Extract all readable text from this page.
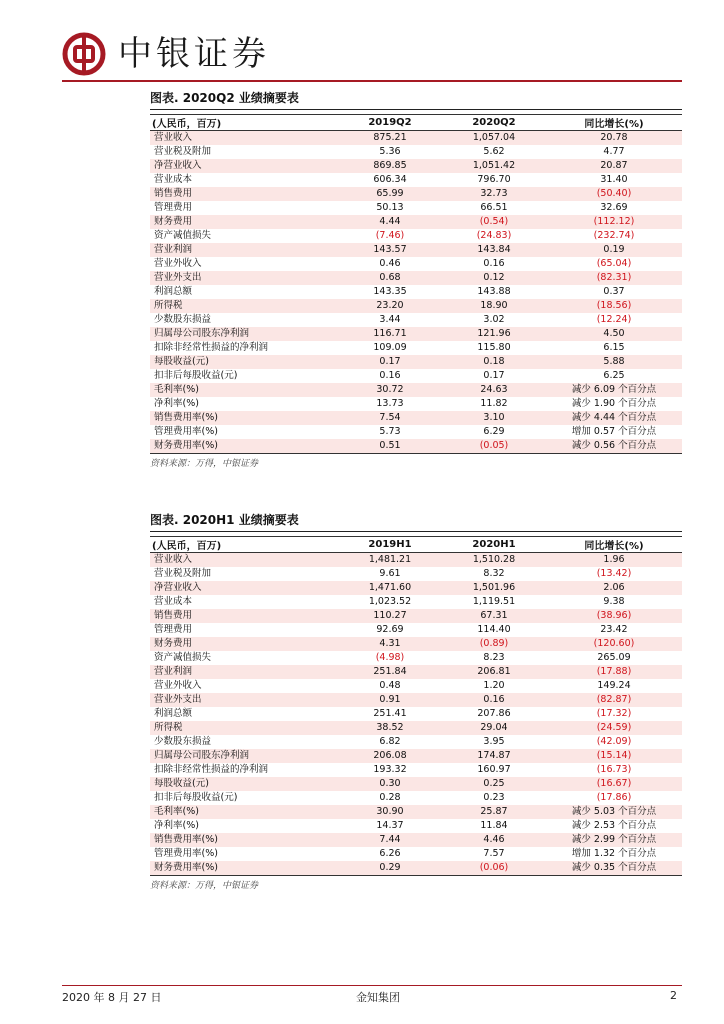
中银证券
图表. 2020Q2 业绩摘要表
(人民币，百万)	2019Q2	2020Q2	同比增长(%)
营业收入	875.21	1,057.04	20.78
营业税及附加	5.36	5.62	4.77
净营业收入	869.85	1,051.42	20.87
营业成本	606.34	796.70	31.40
销售费用	65.99	32.73	(50.40)
管理费用	50.13	66.51	32.69
财务费用	4.44	(0.54)	(112.12)
资产减值损失	(7.46)	(24.83)	(232.74)
营业利润	143.57	143.84	0.19
营业外收入	0.46	0.16	(65.04)
营业外支出	0.68	0.12	(82.31)
利润总额	143.35	143.88	0.37
所得税	23.20	18.90	(18.56)
少数股东损益	3.44	3.02	(12.24)
归属母公司股东净利润	116.71	121.96	4.50
扣除非经常性损益的净利润	109.09	115.80	6.15
每股收益(元)	0.17	0.18	5.88
扣非后每股收益(元)	0.16	0.17	6.25
毛利率(%)	30.72	24.63	减少 6.09 个百分点
净利率(%)	13.73	11.82	减少 1.90 个百分点
销售费用率(%)	7.54	3.10	减少 4.44 个百分点
管理费用率(%)	5.73	6.29	增加 0.57 个百分点
财务费用率(%)	0.51	(0.05)	减少 0.56 个百分点
资料来源：万得，中银证券
图表. 2020H1 业绩摘要表
(人民币，百万)	2019H1	2020H1	同比增长(%)
营业收入	1,481.21	1,510.28	1.96
营业税及附加	9.61	8.32	(13.42)
净营业收入	1,471.60	1,501.96	2.06
营业成本	1,023.52	1,119.51	9.38
销售费用	110.27	67.31	(38.96)
管理费用	92.69	114.40	23.42
财务费用	4.31	(0.89)	(120.60)
资产减值损失	(4.98)	8.23	265.09
营业利润	251.84	206.81	(17.88)
营业外收入	0.48	1.20	149.24
营业外支出	0.91	0.16	(82.87)
利润总额	251.41	207.86	(17.32)
所得税	38.52	29.04	(24.59)
少数股东损益	6.82	3.95	(42.09)
归属母公司股东净利润	206.08	174.87	(15.14)
扣除非经常性损益的净利润	193.32	160.97	(16.73)
每股收益(元)	0.30	0.25	(16.67)
扣非后每股收益(元)	0.28	0.23	(17.86)
毛利率(%)	30.90	25.87	减少 5.03 个百分点
净利率(%)	14.37	11.84	减少 2.53 个百分点
销售费用率(%)	7.44	4.46	减少 2.99 个百分点
管理费用率(%)	6.26	7.57	增加 1.32 个百分点
财务费用率(%)	0.29	(0.06)	减少 0.35 个百分点
资料来源：万得，中银证券
2020 年 8 月 27 日	金知集团	2
